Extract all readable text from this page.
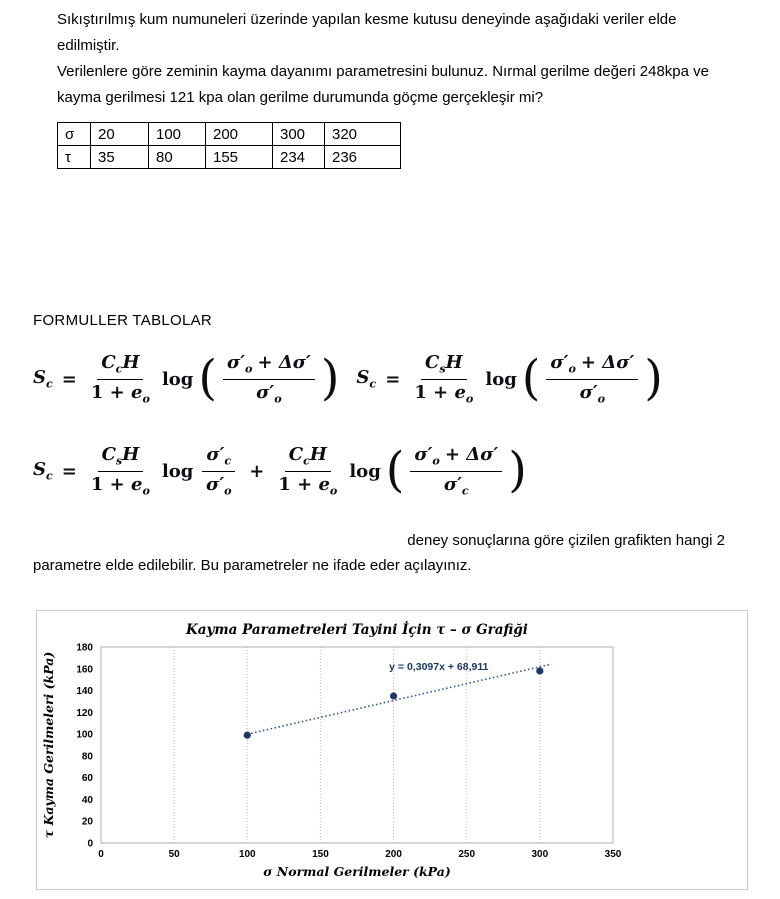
Sıkıştırılmış kum numuneleri üzerinde yapılan kesme kutusu deneyinde aşağıdaki veriler elde edilmiştir.
Verilenlere göre zeminin kayma dayanımı parametresini bulunuz. Nırmal gerilme değeri 248kpa ve
kayma gerilmesi 121 kpa olan gerilme durumunda göçme gerçekleşir mi?
σ	20	100	200	300	320
τ	35	80	155	234	236
FORMULLER TABLOLAR
$S_c = \frac{C_cH}{1 + e_o}$ log ( $\frac{\sigma'_o + \Delta\sigma'}{\sigma'_o}$ ) $S_c = \frac{C_sH}{1 + e_o}$ log ( $\frac{\sigma'_o + \Delta\sigma'}{\sigma'_o}$ )
$S_c = \frac{C_sH}{1 + e_o}$ $\log \frac{\sigma'_c}{\sigma'_o} + \frac{C_cH}{1 + e_o}$ log ( $\frac{\sigma'_o + \Delta\sigma'}{\sigma'_c}$ )
deney sonuçlarına göre çizilen grafikten hangi 2
parametre elde edilebilir. Bu parametreler ne ifade eder açılayınız.
0	50	100	150	200	250	300	350
0
20
40
60
80
100
120
140
160
180
y = 0,3097x + 68,911
Kayma Parametreleri Tayini İçin τ – σ Grafiği
σ Normal Gerilmeler (kPa)
τ Kayma Gerilmeleri (kPa)
